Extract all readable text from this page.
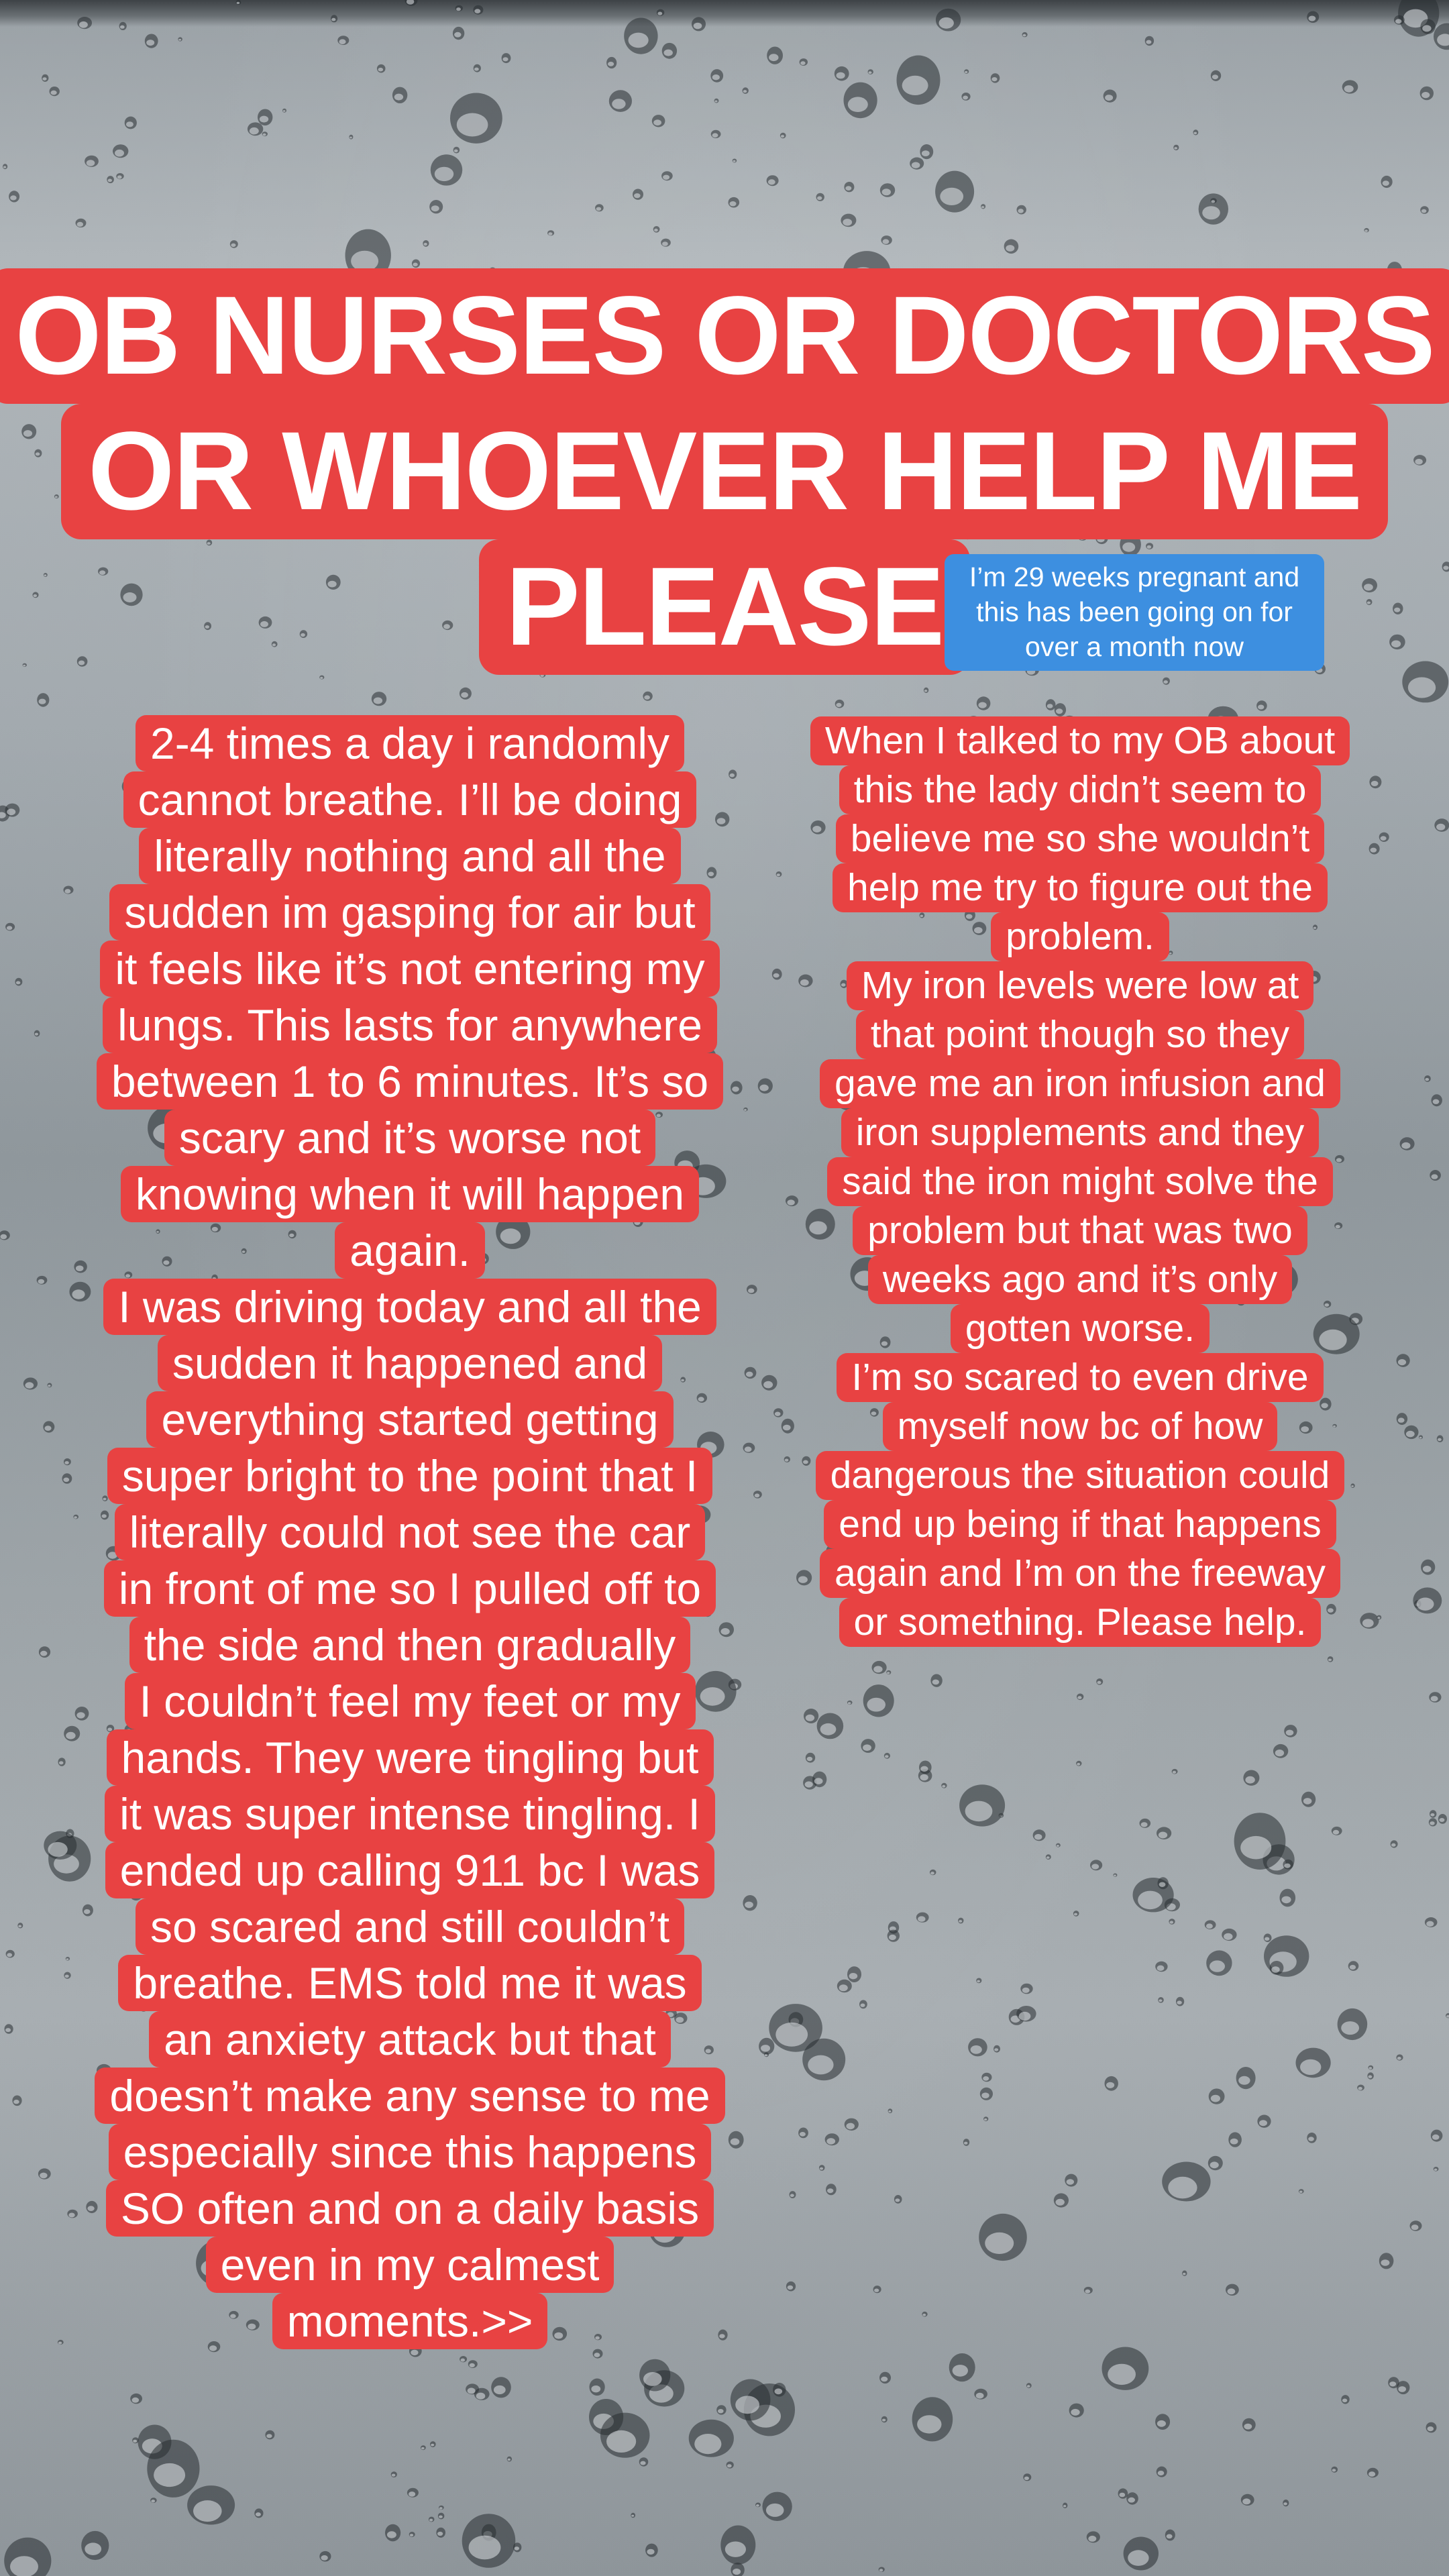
OB NURSES OR DOCTORS
OR WHOEVER HELP ME
PLEASE I’m 29 weeks pregnant and
this has been going on for
over a month now
2-4 times a day i randomly
cannot breathe. I’ll be doing
literally nothing and all the
sudden im gasping for air but
it feels like it’s not entering my
lungs. This lasts for anywhere
between 1 to 6 minutes. It’s so
scary and it’s worse not
knowing when it will happen
again.
I was driving today and all the
sudden it happened and
everything started getting
super bright to the point that I
literally could not see the car
in front of me so I pulled off to
the side and then gradually
I couldn’t feel my feet or my
hands. They were tingling but
it was super intense tingling. I
ended up calling 911 bc I was
so scared and still couldn’t
breathe. EMS told me it was
an anxiety attack but that
doesn’t make any sense to me
especially since this happens
SO often and on a daily basis
even in my calmest
moments.>>
When I talked to my OB about
this the lady didn’t seem to
believe me so she wouldn’t
help me try to figure out the
problem.
My iron levels were low at
that point though so they
gave me an iron infusion and
iron supplements and they
said the iron might solve the
problem but that was two
weeks ago and it’s only
gotten worse.
I’m so scared to even drive
myself now bc of how
dangerous the situation could
end up being if that happens
again and I’m on the freeway
or something. Please help.
